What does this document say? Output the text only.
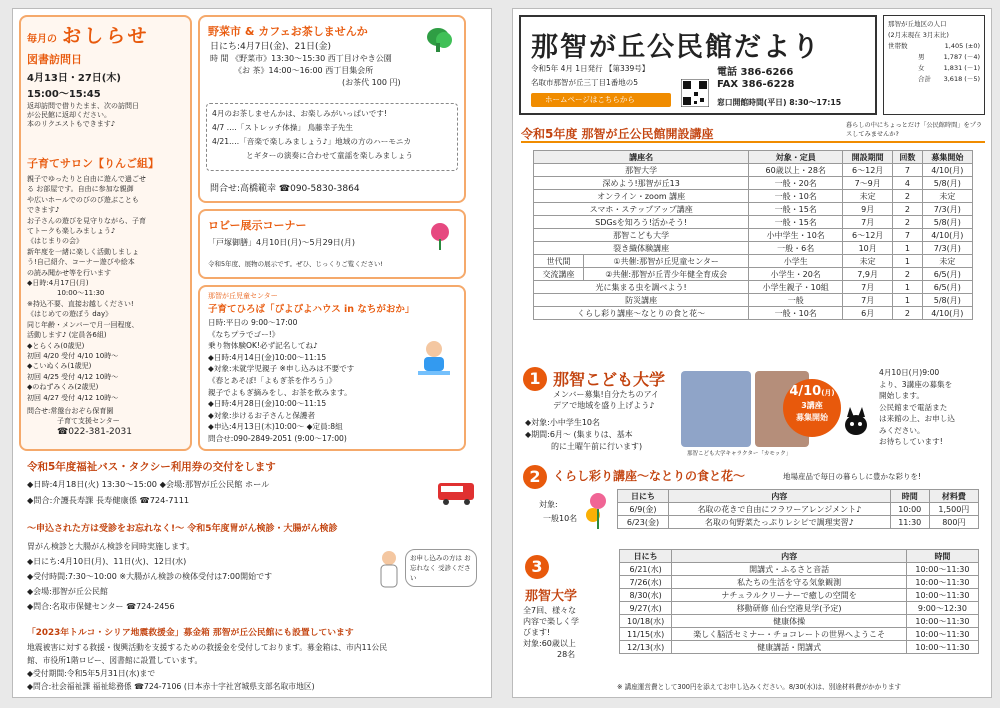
毎月の おしらせ
図書訪問日
4月13日・27日(木)
15:00～15:45
返却訪問で借りたまま、次の訪問日
が公民館に返却ください。
本のリクエストもできます♪
子育てサロン【りんご組】
親子でゆったりと自由に遊んで過ごせ
る お部屋です。自由に参加な親御
や広いホールでのびのび遊ぶことも
できます♪
お子さんの遊びを見守りながら、子育
てトークも楽しみましょう♪
《はじまりの会》
新年度を一緒に楽しく活動しましょ
う!自己紹介、コーナー遊びや絵本
の読み聞かせ等を行います
◆日時:4月17日(月)
10:00～11:30
※持込不要、直接お越しください!
《はじめての遊ぼう day》
同じ年齢・メンバーで月一回程度、
活動します♪ (定員各6組)
◆とらくみ(0歳児)
初回 4/20 受付 4/10 10時～
◆こいぬくみ(1歳児)
初回 4/25 受付 4/12 10時～
◆のねずみくみ(2歳児)
初回 4/27 受付 4/12 10時～
問合せ:常盤台おぞら保育園
子育て支援センター
☎022-381-2031
野菜市 & カフェお茶しませんか
日にち:4月7日(金)、21日(金)
時 間 《野菜市》13:30～15:30 西丁目けやき公園
《お 茶》14:00～16:00 西丁目集会所
(お茶代 100 円)
4月のお茶しませんかは、お楽しみがいっぱいです!
4/7 ‥‥「ストレッチ体操」 鳥藤幸子先生
4/21‥‥「音楽で楽しみましょう♪」地域の方のハーモニカ
とギターの演奏に合わせて童謡を楽しみましょう
問合せ:高橋範幸 ☎090-5830-3864
ロビー展示コーナー
「戸塚御膳」4月10日(月)～5月29日(月)
令和5年度、展物の展示です。ぜひ、じっくりご覧ください!
那智が丘児童センター
子育てひろば「ぴよぴよハウス in なちがおか」
日時:平日の 9:00～17:00
《なちプラでゴー!》
乗り物体験OK!必ず記名してね♪
◆日時:4月14日(金)10:00～11:15
◆対象:未就学児親子 ※申し込みは不要です
《春とあそぼ!「よもぎ茶を作ろう」》
親子でよもぎ摘みをし、お茶を飲みます。
◆日時:4月28日(金)10:00～11:15
◆対象:歩けるお子さんと保護者
◆申込:4月13日(木)10:00～ ◆定員:8組
問合せ:090-2849-2051 (9:00～17:00)
令和5年度福祉バス・タクシー利用券の交付をします
◆日時:4月18日(火) 13:30～15:00 ◆会場:那智が丘公民館 ホール
◆問合:介護長寿課 長寿健康係 ☎724-7111
～申込された方は受診をお忘れなく!～ 令和5年度胃がん検診・大腸がん検診
胃がん検診と大腸がん検診を同時実施します。
◆日にち:4月10日(月)、11日(火)、12日(水)
◆受付時間:7:30～10:00 ※大腸がん検診の検体受付は7:00開始です
◆会場:那智が丘公民館
◆問合:名取市保健センター ☎724-2456
お申し込みの方は お忘れなく 受診ください
「2023年トルコ・シリア地震救援金」募金箱 那智が丘公民館にも設置しています
地震被害に対する救援・復興活動を支援するための救援金を受付しております。募金箱は、市内11公民
館、市役所1階ロビー、図書館に設置しています。
◆受付期間:令和5年5月31日(水)まで
◆問合:社会福祉課 福祉総務係 ☎724-7106 (日本赤十字社宮城県支部名取市地区)
那智が丘公民館だより
令和5年 4月 1日発行 【第339号】
名取市那智が丘三丁目1番地の5
ホームページはこちらから
電話 386-6266
FAX 386-6228
窓口開館時間(平日) 8:30～17:15
那智が丘地区の人口
(2月末現在 3月末比)
世帯数	1,405 (±0)
男	1,787 (－4)
女	1,831 (－1)
合計 3,618 (－5)
令和5年度 那智が丘公民館開設講座
暮らしの中にちょっとだけ「公民館時間」をプラスしてみませんか?
講座名		対象・定員	開設期間	回数	募集開始
那智大学		60歳以上・28名	6～12月	7	4/10(月)
深めよう!那智が丘13		一般・20名	7～9月	4	5/8(月)
オンライン・zoom 講座		一般・10名	未定	2	未定
スマホ・ステップアップ講座		一般・15名	9月	2	7/3(月)
SDGsを知ろう!活かそう!		一般・15名	7月	2	5/8(月)
那智こども大学		小中学生・10名	6～12月	7	4/10(月)
裂き織体験講座		一般・6名	10月	1	7/3(月)
世代間	①共催:那智が丘児童センター	小学生	未定	1	未定
交流講座	②共催:那智が丘青少年健全育成会	小学生・20名	7,9月	2	6/5(月)
光に集まる虫を調べよう!		小学生親子・10組	7月	1	6/5(月)
防災講座		一般	7月	1	5/8(月)
くらし彩り講座～なとりの食と花～		一般・10名	6月	2	4/10(月)
1 那智こども大学
メンバー募集!自分たちのアイ
デアで地域を盛り上げよう♪
◆対象:小中学生10名
◆期間:6月～ (集まりは、基本
的に土曜午前に行います)
4/10(月)
3講座
募集開始
那智こども大学キャラクター「カモック」
4月10日(月)9:00
より、3講座の募集を
開始します。
公民館まで電話また
は来館の上、お申し込
みください。
お待ちしています!
2	くらし彩り講座～なとりの食と花～	地場産品で毎日の暮らしに豊かな彩りを!
対象:
一般10名
日にち	内容	時間	材料費
6/9(金)	名取の花きで自由にフラワーアレンジメント♪	10:00	1,500円
6/23(金)	名取の旬野菜たっぷりレシピで調理実習♪	11:30	800円
3
那智大学
全7回、様々な
内容で楽しく学
びます!
対象:60歳以上
28名
日にち	内容	時間
6/21(水)	開講式・ふるさと音話	10:00～11:30
7/26(水)	私たちの生活を守る気象観測	10:00～11:30
8/30(水)	ナチュラルクリーナーで癒しの空間を	10:00～11:30
9/27(水)	移動研修 仙台空港見学(予定)	9:00～12:30
10/18(水)	健康体操	10:00～11:30
11/15(水)	楽しく脳活セミナー・チョコレートの世界へようこそ	10:00～11:30
12/13(水)	健康講話・閉講式	10:00～11:30
※ 講座運営費として300円を添えてお申し込みください。8/30(水)は、別途材料費がかかります
